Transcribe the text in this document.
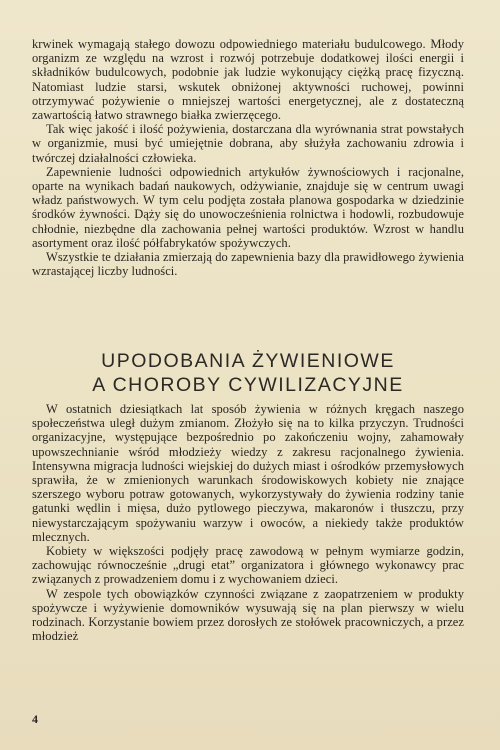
krwinek wymagają stałego dowozu odpowiedniego materiału budulcowego. Młody organizm ze względu na wzrost i rozwój potrzebuje dodatkowej ilości energii i składników budulcowych, podobnie jak ludzie wykonujący ciężką pracę fizyczną. Natomiast ludzie starsi, wskutek obniżonej aktywności ruchowej, powinni otrzymywać pożywienie o mniejszej wartości energetycznej, ale z dostateczną zawartością łatwo strawnego białka zwierzęcego.

Tak więc jakość i ilość pożywienia, dostarczana dla wyrównania strat powstałych w organizmie, musi być umiejętnie dobrana, aby służyła zachowaniu zdrowia i twórczej działalności człowieka.

Zapewnienie ludności odpowiednich artykułów żywnościowych i racjonalne, oparte na wynikach badań naukowych, odżywianie, znajduje się w centrum uwagi władz państwowych. W tym celu podjęta została planowa gospodarka w dziedzinie środków żywności. Dąży się do unowocześnienia rolnictwa i hodowli, rozbudowuje chłodnie, niezbędne dla zachowania pełnej wartości produktów. Wzrost w handlu asortyment oraz ilość półfabrykatów spożywczych.

Wszystkie te działania zmierzają do zapewnienia bazy dla prawidłowego żywienia wzrastającej liczby ludności.

UPODOBANIA ŻYWIENIOWE
A CHOROBY CYWILIZACYJNE

W ostatnich dziesiątkach lat sposób żywienia w różnych kręgach naszego społeczeństwa uległ dużym zmianom. Złożyło się na to kilka przyczyn. Trudności organizacyjne, występujące bezpośrednio po zakończeniu wojny, zahamowały upowszechnianie wśród młodzieży wiedzy z zakresu racjonalnego żywienia. Intensywna migracja ludności wiejskiej do dużych miast i ośrodków przemysłowych sprawiła, że w zmienionych warunkach środowiskowych kobiety nie znające szerszego wyboru potraw gotowanych, wykorzystywały do żywienia rodziny tanie gatunki wędlin i mięsa, dużo pytlowego pieczywa, makaronów i tłuszczu, przy niewystarczającym spożywaniu warzyw i owoców, a niekiedy także produktów mlecznych.

Kobiety w większości podjęły pracę zawodową w pełnym wymiarze godzin, zachowując równocześnie „drugi etat” organizatora i głównego wykonawcy prac związanych z prowadzeniem domu i z wychowaniem dzieci.

W zespole tych obowiązków czynności związane z zaopatrzeniem w produkty spożywcze i wyżywienie domowników wysuwają się na plan pierwszy w wielu rodzinach. Korzystanie bowiem przez dorosłych ze stołówek pracowniczych, a przez młodzież

4
